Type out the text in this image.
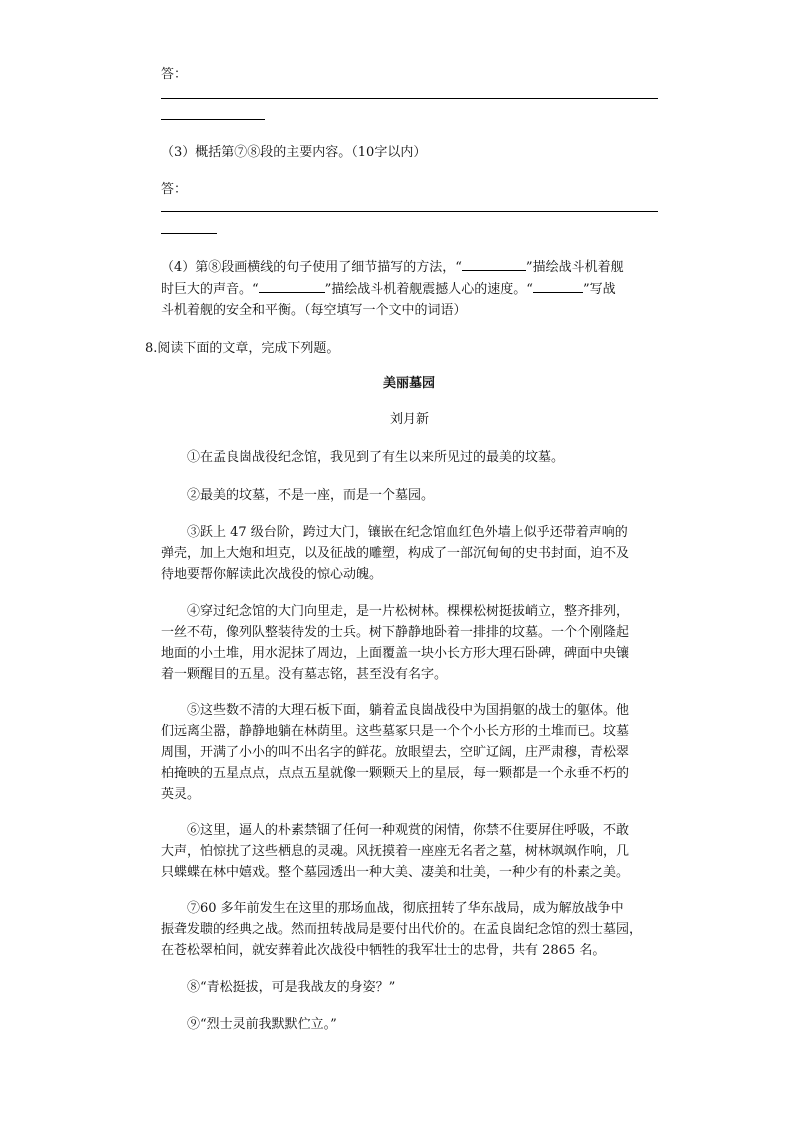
答：
（3）概括第⑦⑧段的主要内容。（10字以内）
答：
（4）第⑧段画横线的句子使用了细节描写的方法，“	”描绘战斗机着舰
时巨大的声音。“	”描绘战斗机着舰震撼人心的速度。“	”写战
斗机着舰的安全和平衡。（每空填写一个文中的词语）
8.阅读下面的文章，完成下列题。
美丽墓园
刘月新
①在孟良崮战役纪念馆，我见到了有生以来所见过的最美的坟墓。
②最美的坟墓，不是一座，而是一个墓园。
③跃上 47 级台阶，跨过大门，镶嵌在纪念馆血红色外墙上似乎还带着声响的
弹壳，加上大炮和坦克，以及征战的雕塑，构成了一部沉甸甸的史书封面，迫不及
待地要帮你解读此次战役的惊心动魄。
④穿过纪念馆的大门向里走，是一片松树林。棵棵松树挺拔峭立，整齐排列，
一丝不苟，像列队整装待发的士兵。树下静静地卧着一排排的坟墓。一个个刚隆起
地面的小土堆，用水泥抹了周边，上面覆盖一块小长方形大理石卧碑，碑面中央镶
着一颗醒目的五星。没有墓志铭，甚至没有名字。
⑤这些数不清的大理石板下面，躺着孟良崮战役中为国捐躯的战士的躯体。他
们远离尘嚣，静静地躺在林荫里。这些墓冢只是一个个小长方形的土堆而已。坟墓
周围，开满了小小的叫不出名字的鲜花。放眼望去，空旷辽阔，庄严肃穆，青松翠
柏掩映的五星点点，点点五星就像一颗颗天上的星辰，每一颗都是一个永垂不朽的
英灵。
⑥这里，逼人的朴素禁锢了任何一种观赏的闲情，你禁不住要屏住呼吸，不敢
大声，怕惊扰了这些栖息的灵魂。风抚摸着一座座无名者之墓，树林飒飒作响，几
只蝶蝶在林中嬉戏。整个墓园透出一种大美、凄美和壮美，一种少有的朴素之美。
⑦60 多年前发生在这里的那场血战，彻底扭转了华东战局，成为解放战争中
振聋发聩的经典之战。然而扭转战局是要付出代价的。在孟良崮纪念馆的烈士墓园，
在苍松翠柏间，就安葬着此次战役中牺牲的我军壮士的忠骨，共有 2865 名。
⑧“青松挺拔，可是我战友的身姿？”
⑨“烈士灵前我默默伫立。”
